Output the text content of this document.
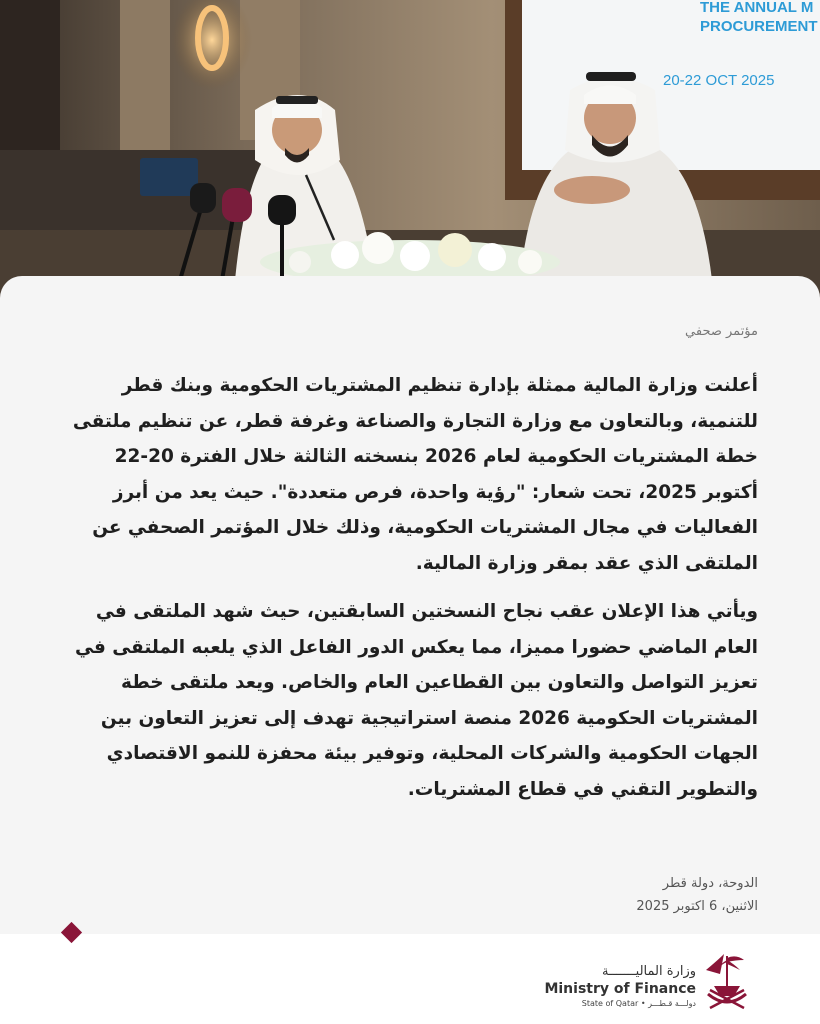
THE ANNUAL M
PROCUREMENT
20-22 OCT 2025
مؤتمر صحفي

أعلنت وزارة المالية ممثلة بإدارة تنظيم المشتريات الحكومية وبنك قطر للتنمية، وبالتعاون مع وزارة التجارة والصناعة وغرفة قطر، عن تنظيم ملتقى خطة المشتريات الحكومية لعام 2026 بنسخته الثالثة خلال الفترة 20-22 أكتوبر 2025، تحت شعار: "رؤية واحدة، فرص متعددة". حيث يعد من أبرز الفعاليات في مجال المشتريات الحكومية، وذلك خلال المؤتمر الصحفي عن الملتقى الذي عقد بمقر وزارة المالية.

ويأتي هذا الإعلان عقب نجاح النسختين السابقتين، حيث شهد الملتقى في العام الماضي حضورا مميزا، مما يعكس الدور الفاعل الذي يلعبه الملتقى في تعزيز التواصل والتعاون بين القطاعين العام والخاص. ويعد ملتقى خطة المشتريات الحكومية 2026 منصة استراتيجية تهدف إلى تعزيز التعاون بين الجهات الحكومية والشركات المحلية، وتوفير بيئة محفزة للنمو الاقتصادي والتطوير التقني في قطاع المشتريات.

الدوحة، دولة قطر
الاثنين، 6 اكتوبر 2025
وزارة الماليـــــــة
Ministry of Finance
State of Qatar • دولـــة قـطـــر
